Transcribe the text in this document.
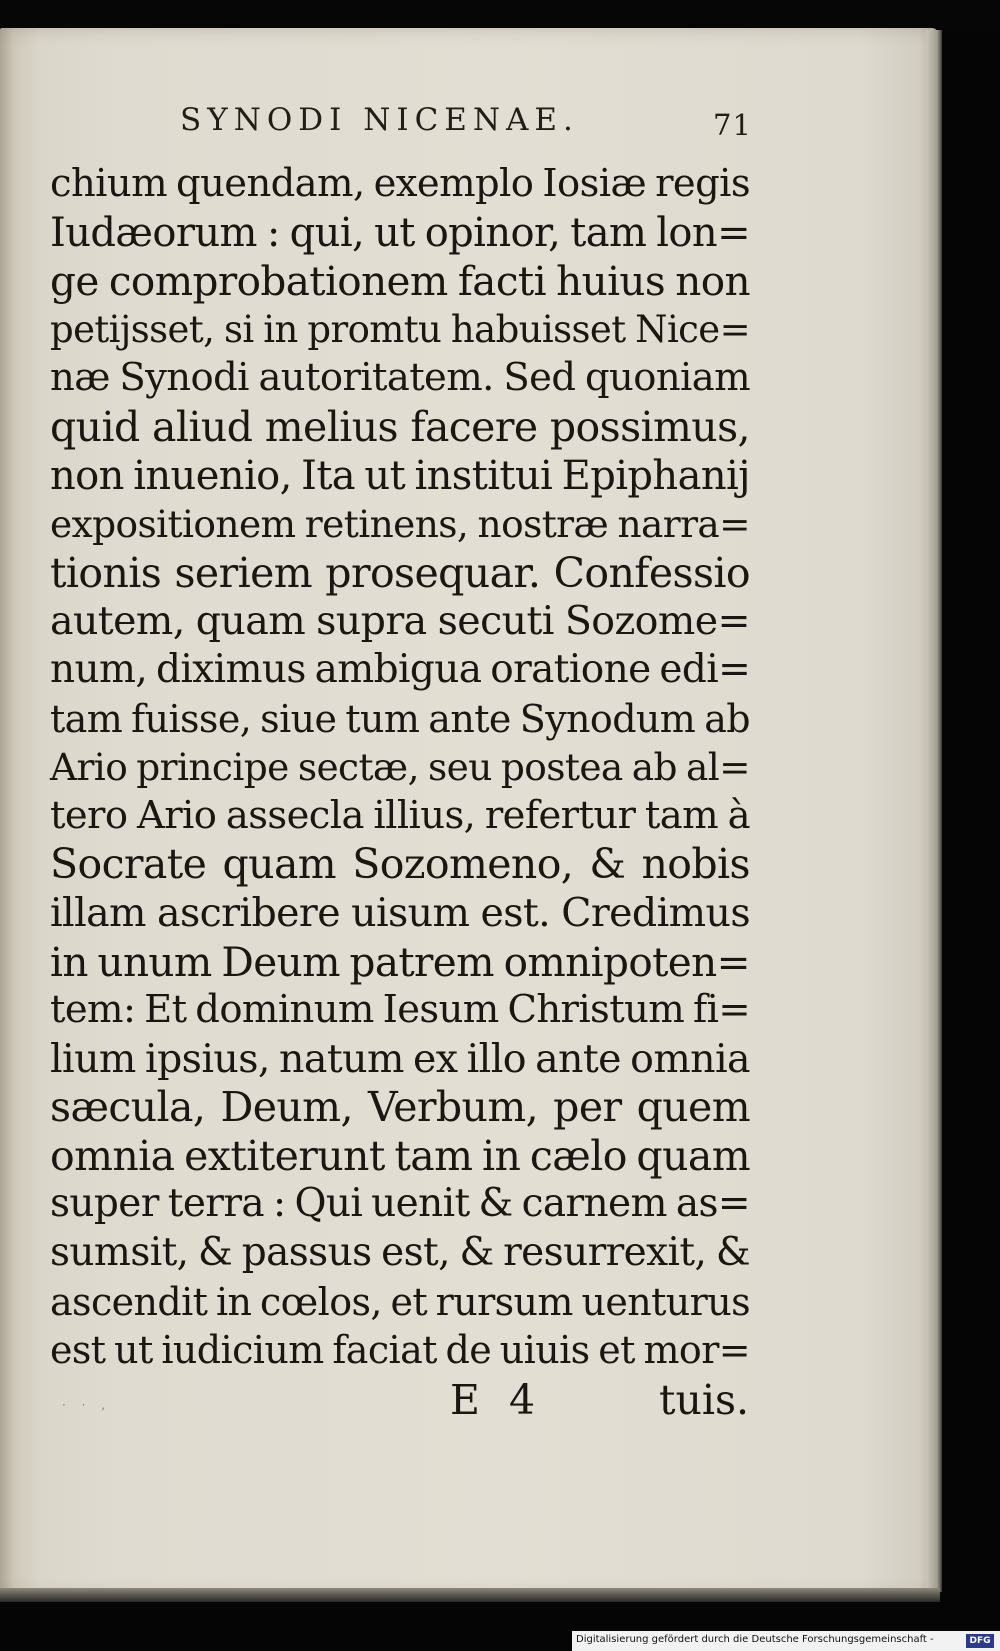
SYNODI NICENAE.	71
chium quendam, exemplo Iosiæ regis
Iudæorum : qui, ut opinor, tam lon=
ge comprobationem facti huius non
petijsset, si in promtu habuisset Nice=
næ Synodi autoritatem. Sed quoniam
quid aliud melius facere possimus,
non inuenio, Ita ut institui Epiphanij
expositionem retinens, nostræ narra=
tionis seriem prosequar. Confessio
autem, quam supra secuti Sozome=
num, diximus ambigua oratione edi=
tam fuisse, siue tum ante Synodum ab
Ario principe sectæ, seu postea ab al=
tero Ario assecla illius, refertur tam à
Socrate quam Sozomeno, & nobis
illam ascribere uisum est. Credimus
in unum Deum patrem omnipoten=
tem: Et dominum Iesum Christum fi=
lium ipsius, natum ex illo ante omnia
sæcula, Deum, Verbum, per quem
omnia extiterunt tam in cælo quam
super terra : Qui uenit & carnem as=
sumsit, & passus est, & resurrexit, &
ascendit in cœlos, et rursum uenturus
est ut iudicium faciat de uiuis et mor=
E 4	tuis.
· · ,
Digitalisierung gefördert durch die Deutsche Forschungsgemeinschaft -	DFG
